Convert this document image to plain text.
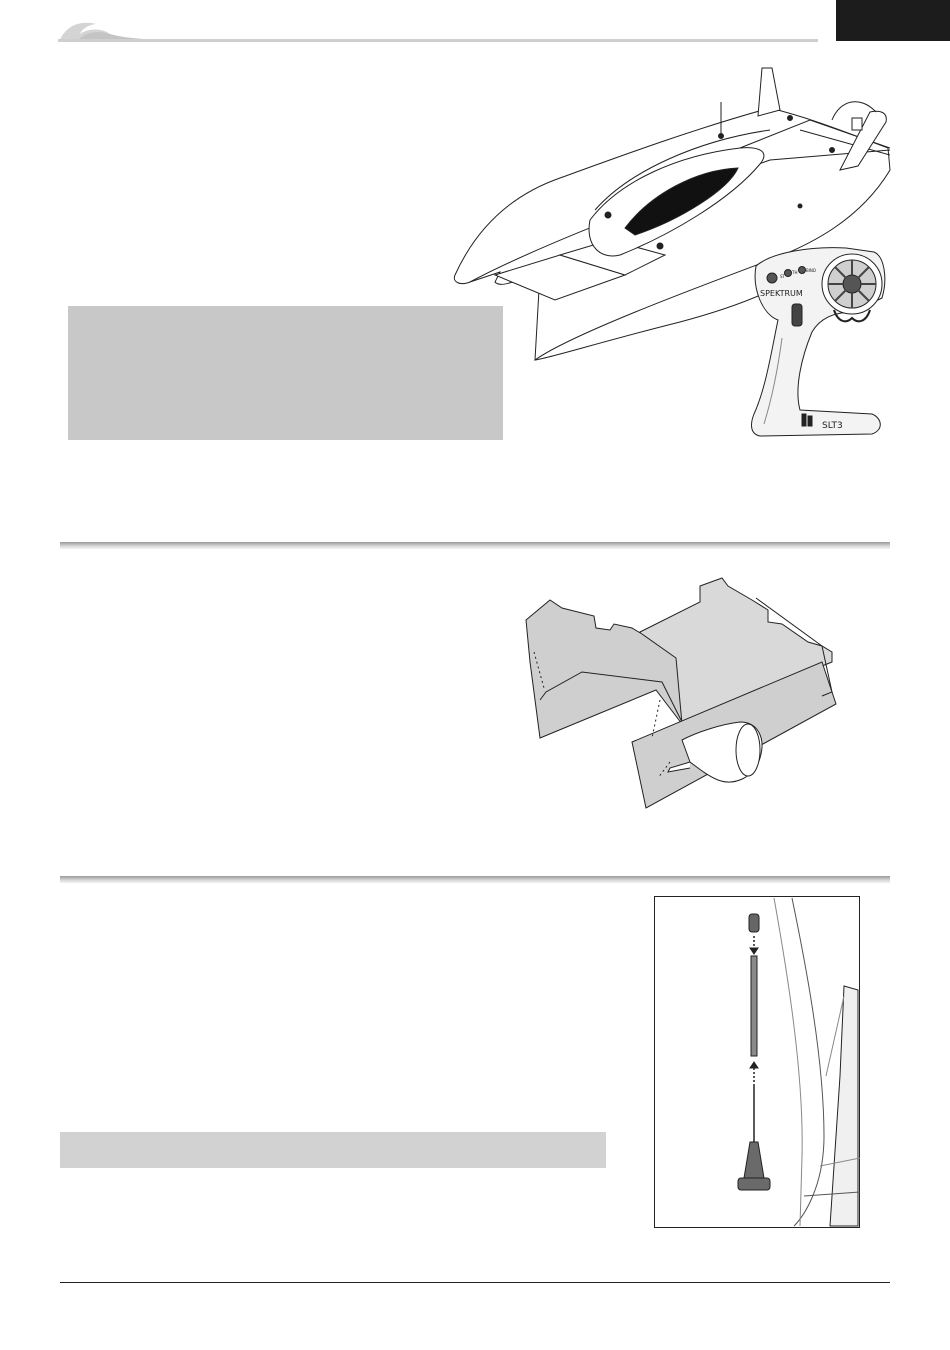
SPEKTRUM
SLT3
ST
TH BIND
